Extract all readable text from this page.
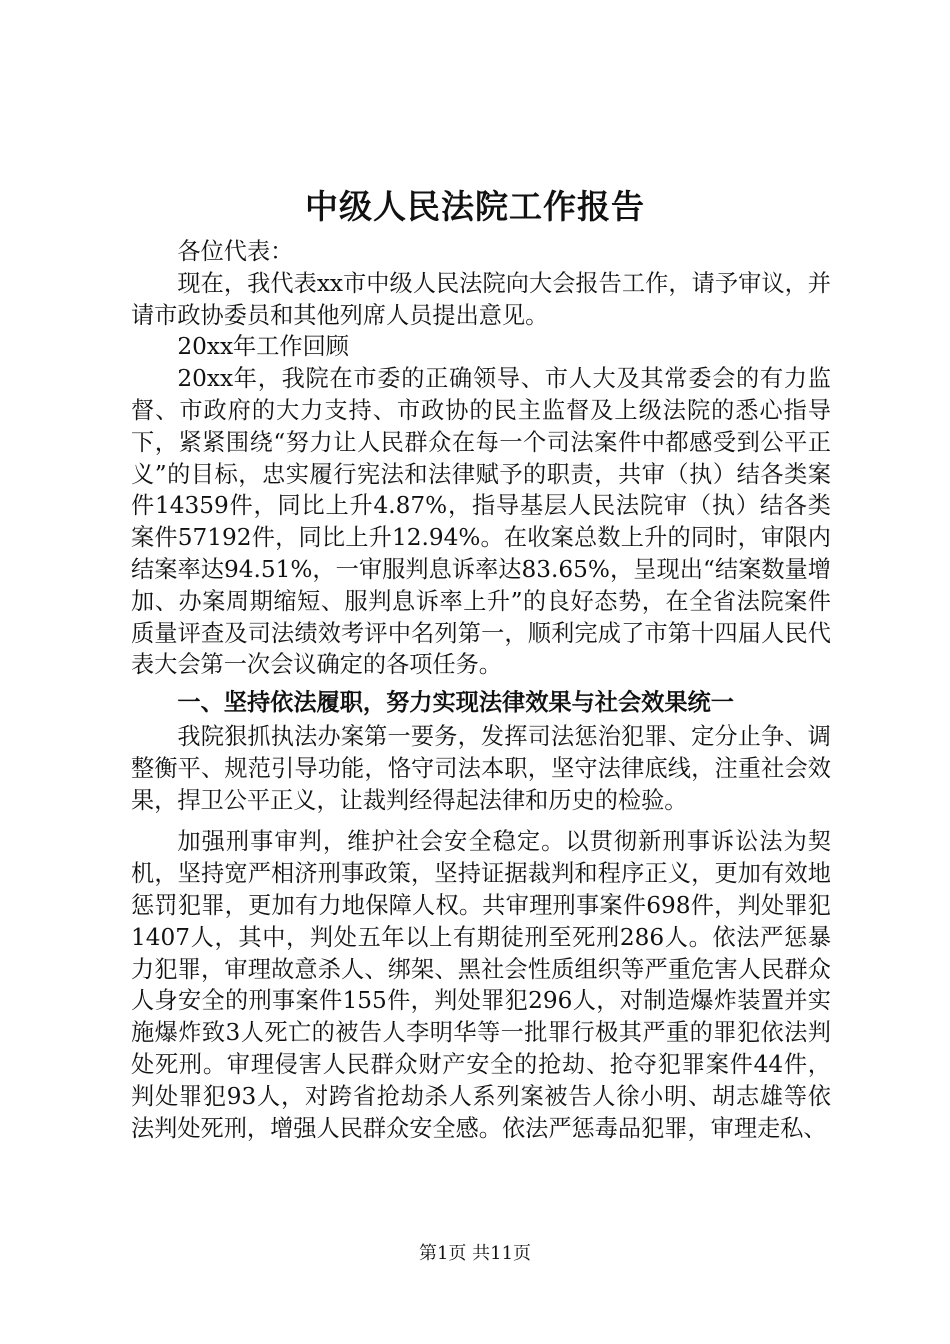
中级人民法院工作报告

各位代表：

现在，我代表xx市中级人民法院向大会报告工作，请予审议，并请市政协委员和其他列席人员提出意见。

20xx年工作回顾

20xx年，我院在市委的正确领导、市人大及其常委会的有力监督、市政府的大力支持、市政协的民主监督及上级法院的悉心指导下，紧紧围绕“努力让人民群众在每一个司法案件中都感受到公平正义”的目标，忠实履行宪法和法律赋予的职责，共审（执）结各类案件14359件，同比上升4.87%，指导基层人民法院审（执）结各类案件57192件，同比上升12.94%。在收案总数上升的同时，审限内结案率达94.51%，一审服判息诉率达83.65%，呈现出“结案数量增加、办案周期缩短、服判息诉率上升”的良好态势，在全省法院案件质量评查及司法绩效考评中名列第一，顺利完成了市第十四届人民代表大会第一次会议确定的各项任务。

一、坚持依法履职，努力实现法律效果与社会效果统一

我院狠抓执法办案第一要务，发挥司法惩治犯罪、定分止争、调整衡平、规范引导功能，恪守司法本职，坚守法律底线，注重社会效果，捍卫公平正义，让裁判经得起法律和历史的检验。

加强刑事审判，维护社会安全稳定。以贯彻新刑事诉讼法为契机，坚持宽严相济刑事政策，坚持证据裁判和程序正义，更加有效地惩罚犯罪，更加有力地保障人权。共审理刑事案件698件，判处罪犯1407人，其中，判处五年以上有期徒刑至死刑286人。依法严惩暴力犯罪，审理故意杀人、绑架、黑社会性质组织等严重危害人民群众人身安全的刑事案件155件，判处罪犯296人，对制造爆炸装置并实施爆炸致3人死亡的被告人李明华等一批罪行极其严重的罪犯依法判处死刑。审理侵害人民群众财产安全的抢劫、抢夺犯罪案件44件，判处罪犯93人，对跨省抢劫杀人系列案被告人徐小明、胡志雄等依法判处死刑，增强人民群众安全感。依法严惩毒品犯罪，审理走私、

第1页 共11页
